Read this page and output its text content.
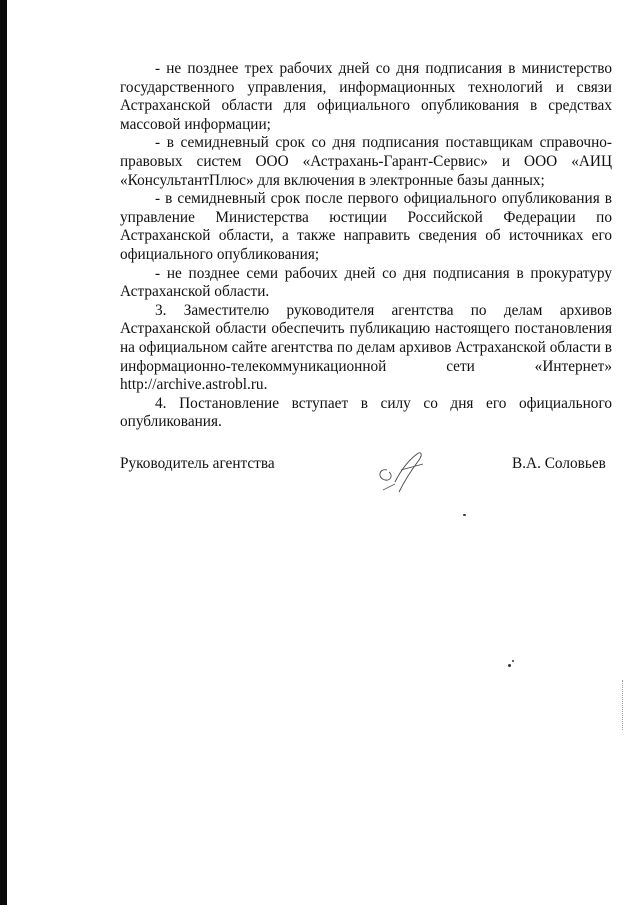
- не позднее трех рабочих дней со дня подписания в министерство государственного управления, информационных технологий и связи Астраханской области для официального опубликования в средствах массовой информации;

- в семидневный срок со дня подписания поставщикам справочно-правовых систем ООО «Астрахань-Гарант-Сервис» и ООО «АИЦ «КонсультантПлюс» для включения в электронные базы данных;

- в семидневный срок после первого официального опубликования в управление Министерства юстиции Российской Федерации по Астраханской области, а также направить сведения об источниках его официального опубликования;

- не позднее семи рабочих дней со дня подписания в прокуратуру Астраханской области.

3. Заместителю руководителя агентства по делам архивов Астраханской области обеспечить публикацию настоящего постановления на официальном сайте агентства по делам архивов Астраханской области в информационно-телекоммуникационной сети «Интернет» http://archive.astrobl.ru.

4. Постановление вступает в силу со дня его официального опубликования.

Руководитель агентства	В.А. Соловьев
